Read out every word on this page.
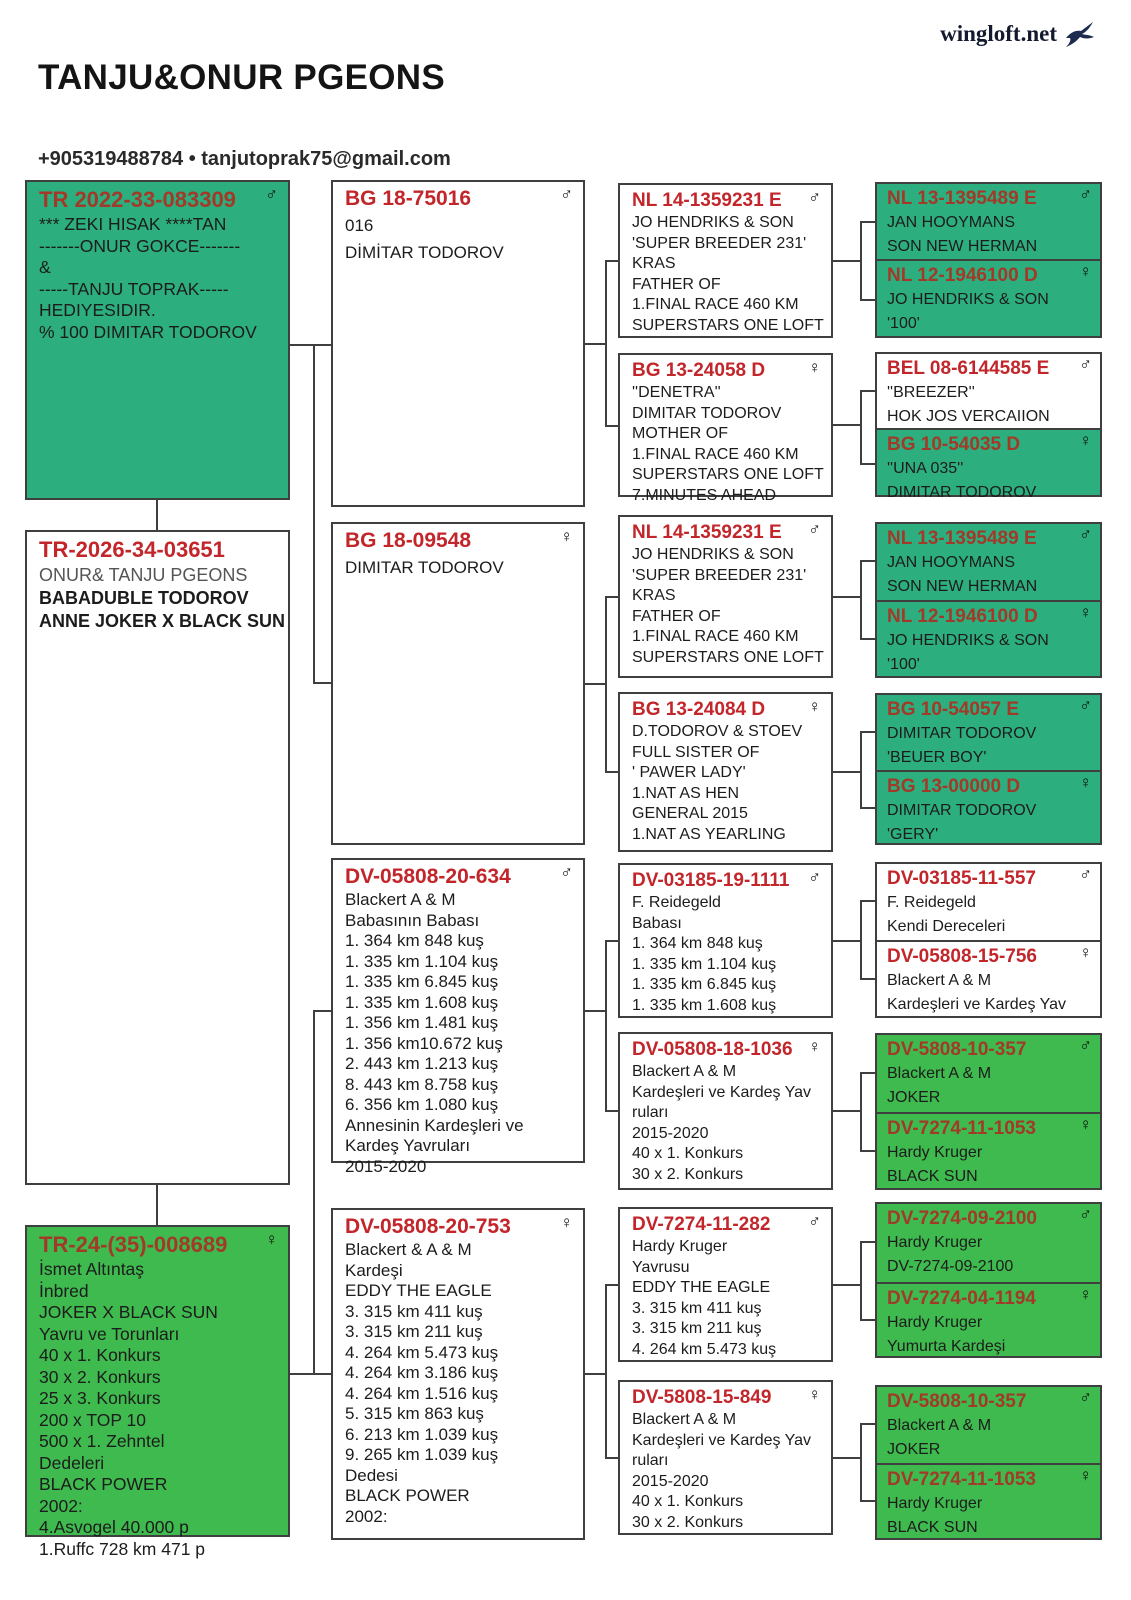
TANJU&ONUR PGEONS
+905319488784 • tanjutoprak75@gmail.com
wingloft.net
TR 2022-33-083309 ♂
*** ZEKI HISAK ****TAN
-------ONUR GOKCE-------
&
-----TANJU TOPRAK-----
HEDIYESIDIR.
% 100 DIMITAR TODOROV
TR-2026-34-03651
ONUR& TANJU PGEONS
BABADUBLE TODOROV
ANNE JOKER X BLACK SUN
TR-24-(35)-008689 ♀
İsmet Altıntaş
İnbred
JOKER X BLACK SUN
Yavru ve Torunları
40 x 1. Konkurs
30 x 2. Konkurs
25 x 3. Konkurs
200 x TOP 10
500 x 1. Zehntel
Dedeleri
BLACK POWER
2002:
4.Asvogel 40.000 p
1.Ruffc 728 km 471 p
BG 18-75016	♂
016
DİMİTAR TODOROV
BG 18-09548	♀
DIMITAR TODOROV
DV-05808-20-634	♂
Blackert A & M
Babasının Babası
1. 364 km 848 kuş
1. 335 km 1.104 kuş
1. 335 km 6.845 kuş
1. 335 km 1.608 kuş
1. 356 km 1.481 kuş
1. 356 km10.672 kuş
2. 443 km 1.213 kuş
8. 443 km 8.758 kuş
6. 356 km 1.080 kuş
Annesinin Kardeşleri ve
Kardeş Yavruları
2015-2020
DV-05808-20-753	♀
Blackert & A & M
Kardeşi
EDDY THE EAGLE
3. 315 km 411 kuş
3. 315 km 211 kuş
4. 264 km 5.473 kuş
4. 264 km 3.186 kuş
4. 264 km 1.516 kuş
5. 315 km 863 kuş
6. 213 km 1.039 kuş
9. 265 km 1.039 kuş
Dedesi
BLACK POWER
2002:
NL 14-1359231 E ♂
JO HENDRIKS & SON
'SUPER BREEDER 231'
KRAS
FATHER OF
1.FINAL RACE 460 KM
SUPERSTARS ONE LOFT
BG 13-24058 D	♀
''DENETRA''
DIMITAR TODOROV
MOTHER OF
1.FINAL RACE 460 KM
SUPERSTARS ONE LOFT
7.MINUTES AHEAD
NL 14-1359231 E ♂
JO HENDRIKS & SON
'SUPER BREEDER 231'
KRAS
FATHER OF
1.FINAL RACE 460 KM
SUPERSTARS ONE LOFT
BG 13-24084 D	♀
D.TODOROV & STOEV
FULL SISTER OF
' PAWER LADY'
1.NAT AS HEN
GENERAL 2015
1.NAT AS YEARLING
DV-03185-19-1111 ♂
F. Reidegeld
Babası
1. 364 km 848 kuş
1. 335 km 1.104 kuş
1. 335 km 6.845 kuş
1. 335 km 1.608 kuş
DV-05808-18-1036 ♀
Blackert A & M
Kardeşleri ve Kardeş Yav
ruları
2015-2020
40 x 1. Konkurs
30 x 2. Konkurs
DV-7274-11-282 ♂
Hardy Kruger
Yavrusu
EDDY THE EAGLE
3. 315 km 411 kuş
3. 315 km 211 kuş
4. 264 km 5.473 kuş
DV-5808-15-849 ♀
Blackert A & M
Kardeşleri ve Kardeş Yav
ruları
2015-2020
40 x 1. Konkurs
30 x 2. Konkurs
NL 13-1395489 E	♂
JAN HOOYMANS
SON NEW HERMAN
NL 12-1946100 D ♀
JO HENDRIKS & SON
'100'
BEL 08-6144585 E ♂
''BREEZER''
HOK JOS VERCAIION
BG 10-54035 D	♀
''UNA 035''
DIMITAR TODOROV
NL 13-1395489 E	♂
JAN HOOYMANS
SON NEW HERMAN
NL 12-1946100 D ♀
JO HENDRIKS & SON
'100'
BG 10-54057 E	♂
DIMITAR TODOROV
'BEUER BOY'
BG 13-00000 D	♀
DIMITAR TODOROV
'GERY'
DV-03185-11-557	♂
F. Reidegeld
Kendi Dereceleri
DV-05808-15-756 ♀
Blackert A & M
Kardeşleri ve Kardeş Yav
DV-5808-10-357	♂
Blackert A & M
JOKER
DV-7274-11-1053	♀
Hardy Kruger
BLACK SUN
DV-7274-09-2100 ♂
Hardy Kruger
DV-7274-09-2100
DV-7274-04-1194	♀
Hardy Kruger
Yumurta Kardeşi
DV-5808-10-357	♂
Blackert A & M
JOKER
DV-7274-11-1053	♀
Hardy Kruger
BLACK SUN
